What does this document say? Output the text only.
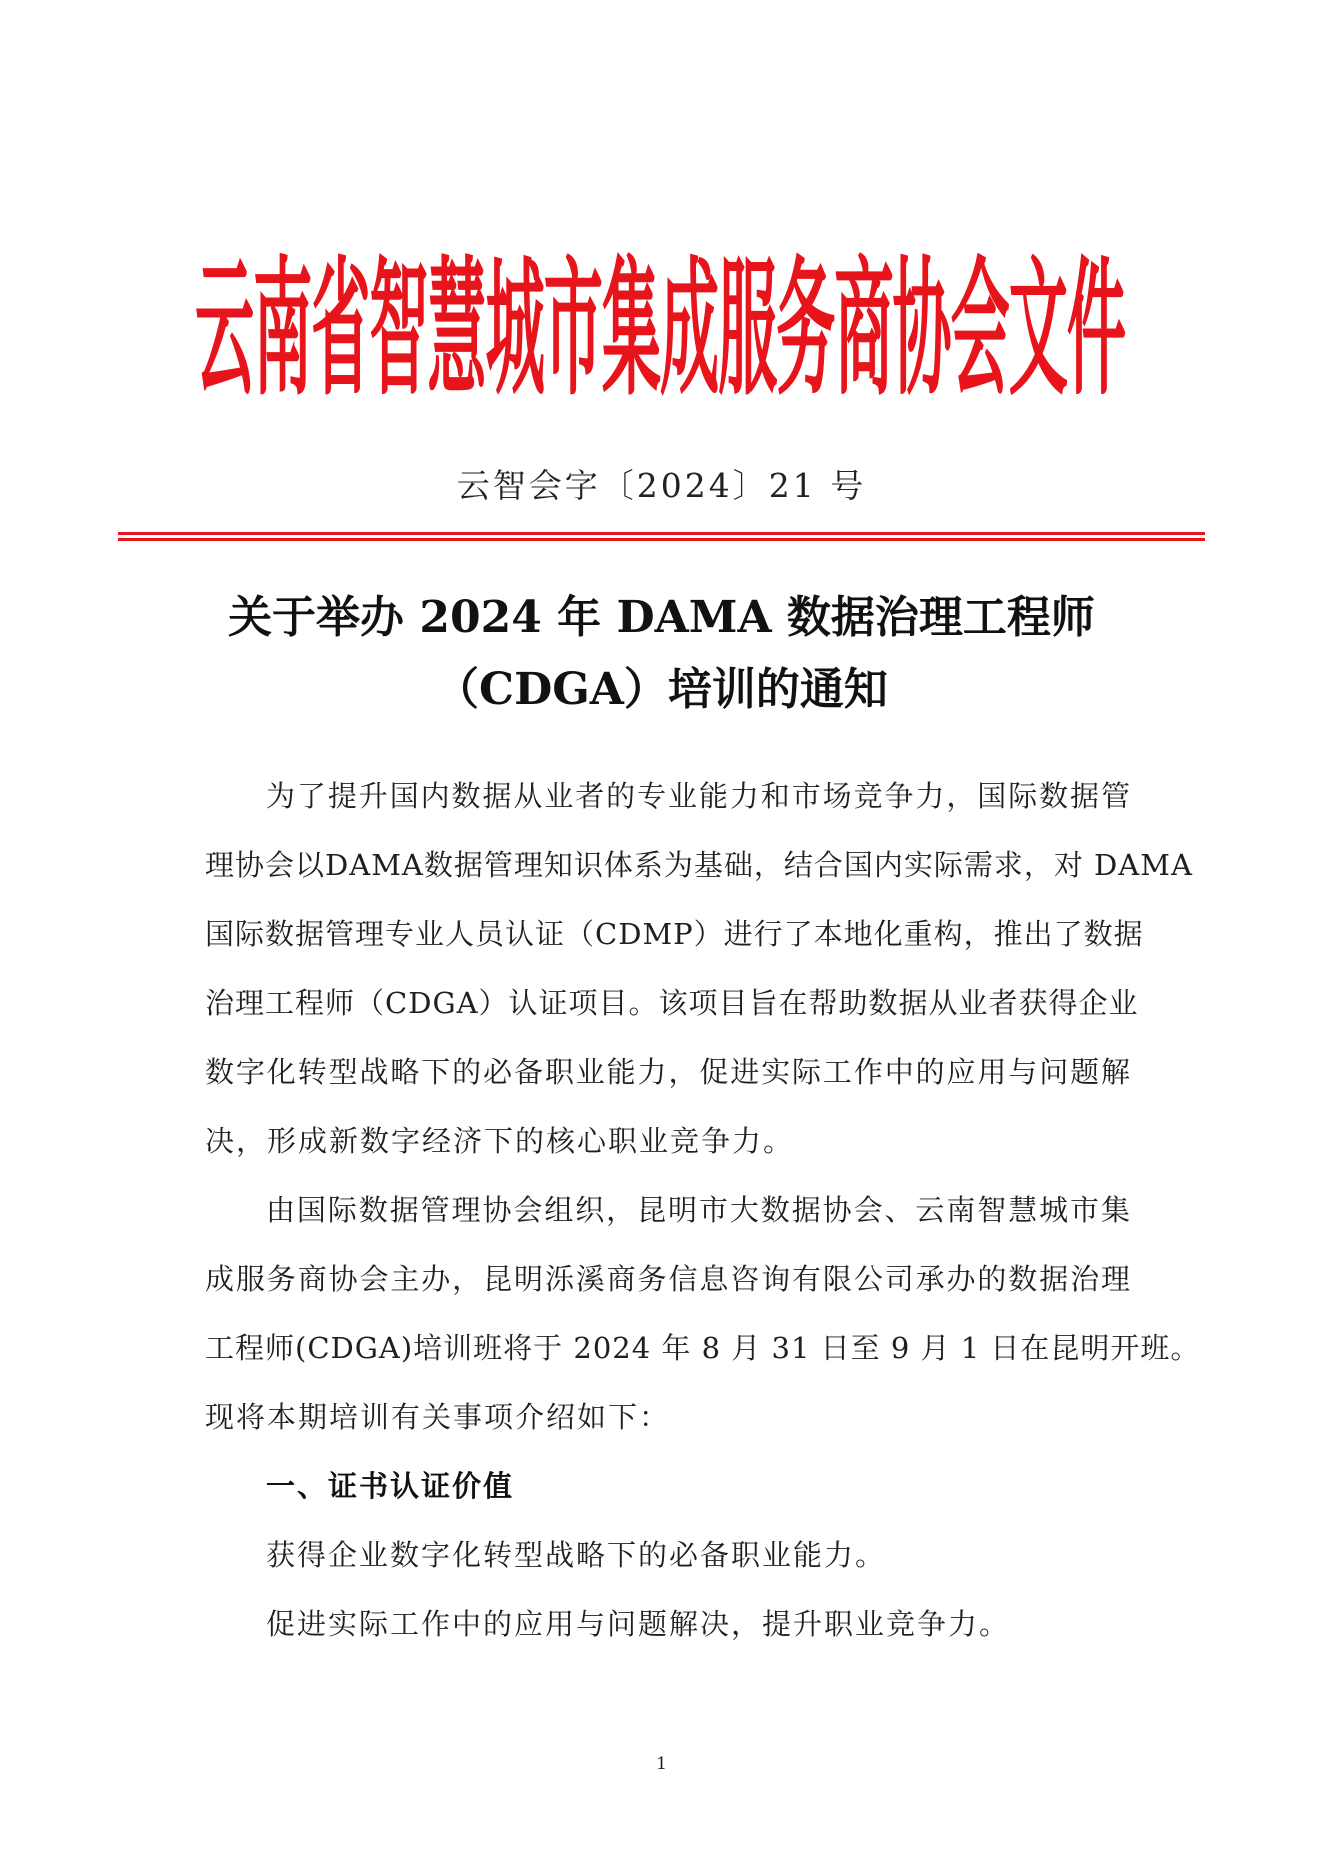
云南省智慧城市集成服务商协会文件
云智会字〔2024〕21 号
关于举办 2024 年 DAMA 数据治理工程师
（CDGA）培训的通知
为了提升国内数据从业者的专业能力和市场竞争力，国际数据管
理协会以DAMA数据管理知识体系为基础，结合国内实际需求，对 DAMA
国际数据管理专业人员认证（CDMP）进行了本地化重构，推出了数据
治理工程师（CDGA）认证项目。该项目旨在帮助数据从业者获得企业
数字化转型战略下的必备职业能力，促进实际工作中的应用与问题解
决，形成新数字经济下的核心职业竞争力。
由国际数据管理协会组织，昆明市大数据协会、云南智慧城市集
成服务商协会主办，昆明泺溪商务信息咨询有限公司承办的数据治理
工程师(CDGA)培训班将于 2024 年 8 月 31 日至 9 月 1 日在昆明开班。
现将本期培训有关事项介绍如下：
一、证书认证价值
获得企业数字化转型战略下的必备职业能力。
促进实际工作中的应用与问题解决，提升职业竞争力。
1
